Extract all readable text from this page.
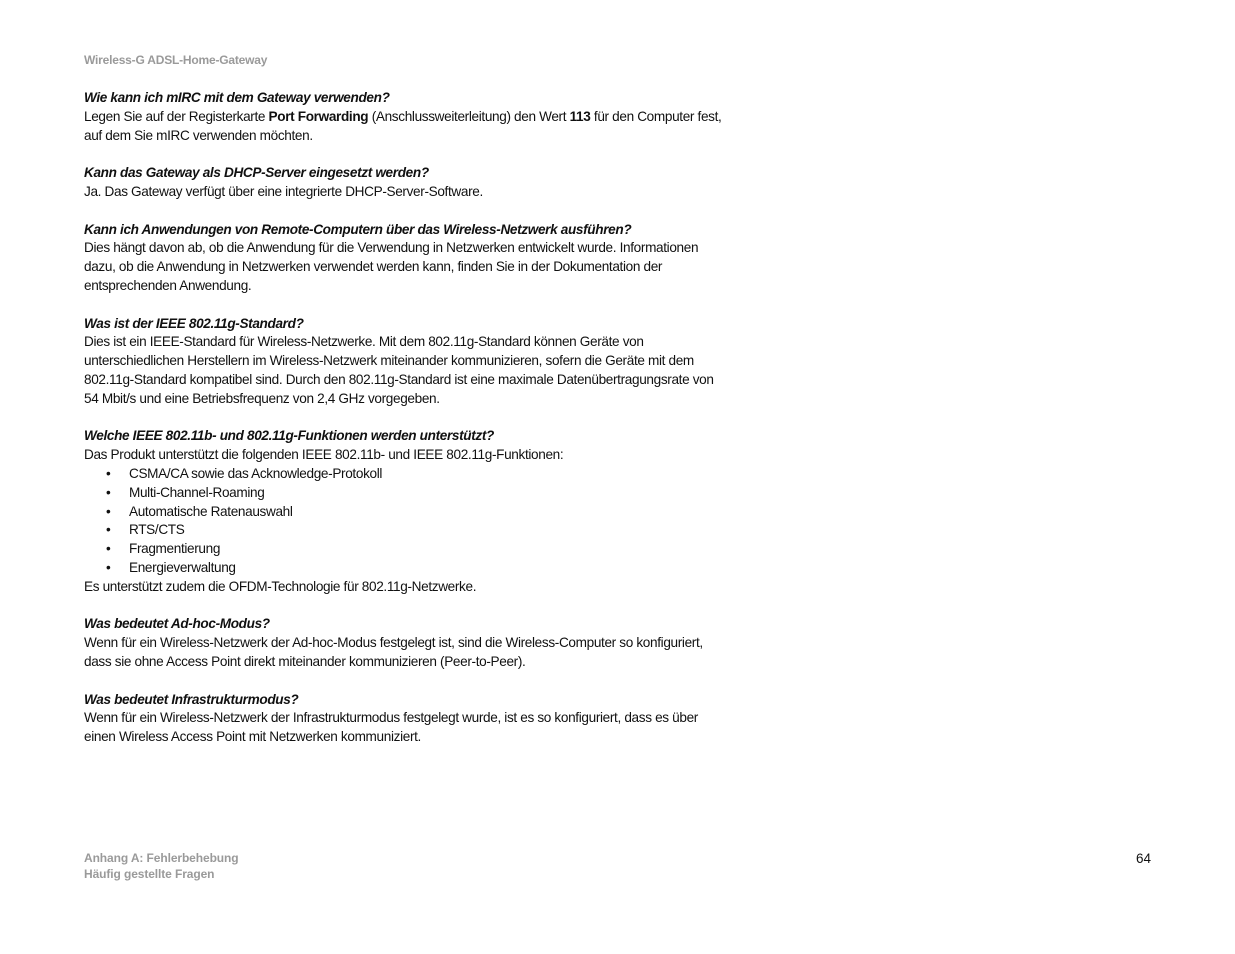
Wireless-G ADSL-Home-Gateway
Wie kann ich mIRC mit dem Gateway verwenden?
Legen Sie auf der Registerkarte Port Forwarding (Anschlussweiterleitung) den Wert 113 für den Computer fest,
auf dem Sie mIRC verwenden möchten.
Kann das Gateway als DHCP-Server eingesetzt werden?
Ja. Das Gateway verfügt über eine integrierte DHCP-Server-Software.
Kann ich Anwendungen von Remote-Computern über das Wireless-Netzwerk ausführen?
Dies hängt davon ab, ob die Anwendung für die Verwendung in Netzwerken entwickelt wurde. Informationen
dazu, ob die Anwendung in Netzwerken verwendet werden kann, finden Sie in der Dokumentation der
entsprechenden Anwendung.
Was ist der IEEE 802.11g-Standard?
Dies ist ein IEEE-Standard für Wireless-Netzwerke. Mit dem 802.11g-Standard können Geräte von
unterschiedlichen Herstellern im Wireless-Netzwerk miteinander kommunizieren, sofern die Geräte mit dem
802.11g-Standard kompatibel sind. Durch den 802.11g-Standard ist eine maximale Datenübertragungsrate von
54 Mbit/s und eine Betriebsfrequenz von 2,4 GHz vorgegeben.
Welche IEEE 802.11b- und 802.11g-Funktionen werden unterstützt?
Das Produkt unterstützt die folgenden IEEE 802.11b- und IEEE 802.11g-Funktionen:
• CSMA/CA sowie das Acknowledge-Protokoll
• Multi-Channel-Roaming
• Automatische Ratenauswahl
• RTS/CTS
• Fragmentierung
• Energieverwaltung
Es unterstützt zudem die OFDM-Technologie für 802.11g-Netzwerke.
Was bedeutet Ad-hoc-Modus?
Wenn für ein Wireless-Netzwerk der Ad-hoc-Modus festgelegt ist, sind die Wireless-Computer so konfiguriert,
dass sie ohne Access Point direkt miteinander kommunizieren (Peer-to-Peer).
Was bedeutet Infrastrukturmodus?
Wenn für ein Wireless-Netzwerk der Infrastrukturmodus festgelegt wurde, ist es so konfiguriert, dass es über
einen Wireless Access Point mit Netzwerken kommuniziert.
Anhang A: Fehlerbehebung
Häufig gestellte Fragen
64
